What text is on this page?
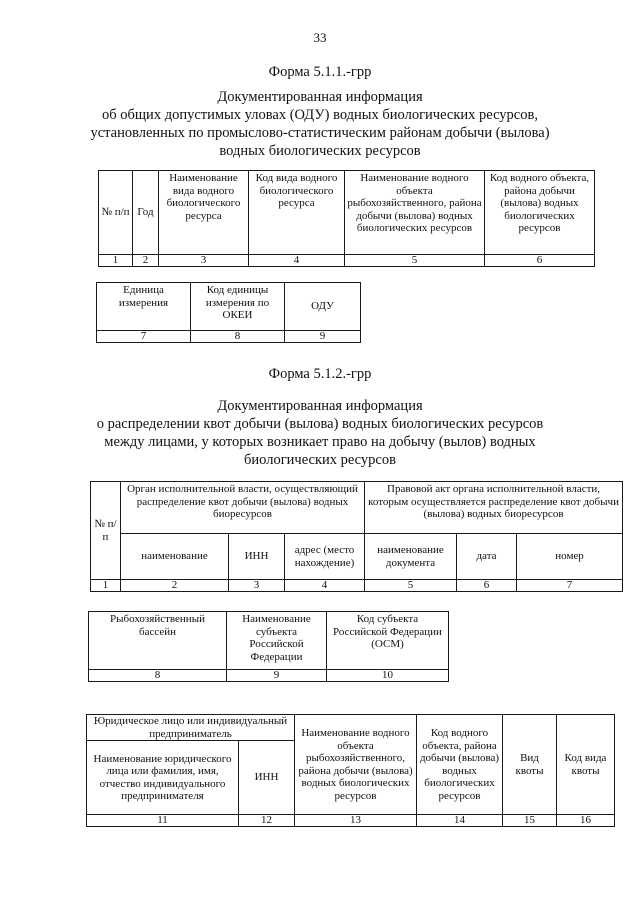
33
Форма 5.1.1.-грр
Документированная информация
об общих допустимых уловах (ОДУ) водных биологических ресурсов,
установленных по промыслово-статистическим районам добычи (вылова)
водных биологических ресурсов
№ п/п	Год	Наименование вида водного биологического ресурса	Код вида водного биологического ресурса	Наименование водного объекта рыбохозяйственного, района добычи (вылова) водных биологических ресурсов	Код водного объекта, района добычи (вылова) водных биологических ресурсов
1	2	3	4	5	6
Единица измерения	Код единицы измерения по ОКЕИ	ОДУ
7	8	9
Форма 5.1.2.-грр
Документированная информация
о распределении квот добычи (вылова) водных биологических ресурсов
между лицами, у которых возникает право на добычу (вылов) водных
биологических ресурсов
№ п/п	Орган исполнительной власти, осуществляющий распределение квот добычи (вылова) водных биоресурсов			Правовой акт органа исполнительной власти, которым осуществляется распределение квот добычи (вылова) водных биоресурсов		
	наименование	ИНН	адрес (место нахождение)	наименование документа	дата	номер
1	2	3	4	5	6	7
Рыбохозяйственный бассейн	Наименование субъекта Российской Федерации	Код субъекта Российской Федерации (ОСМ)
8	9	10
Юридическое лицо или индивидуальный предприниматель		Наименование водного объекта рыбохозяйственного, района добычи (вылова) водных биологических ресурсов	Код водного объекта, района добычи (вылова) водных биологических ресурсов	Вид квоты	Код вида квоты
Наименование юридического лица или фамилия, имя, отчество индивидуального предпринимателя	ИНН				
11	12	13	14	15	16
